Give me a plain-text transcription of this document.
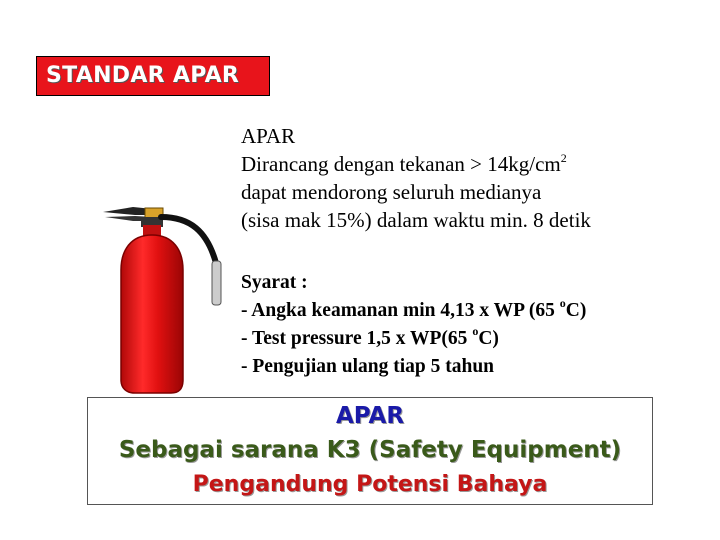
STANDAR APAR
APAR
Dirancang dengan tekanan > $14kg/cm^2$
dapat mendorong seluruh medianya
(sisa mak 15%) dalam waktu min. 8 detik
Syarat :
- Angka keamanan min 4,13 x WP (65 $^o$C)
- Test pressure 1,5 x WP(65 $^o$C)
- Pengujian ulang tiap 5 tahun
APAR
Sebagai sarana K3 (Safety Equipment)
Pengandung Potensi Bahaya
